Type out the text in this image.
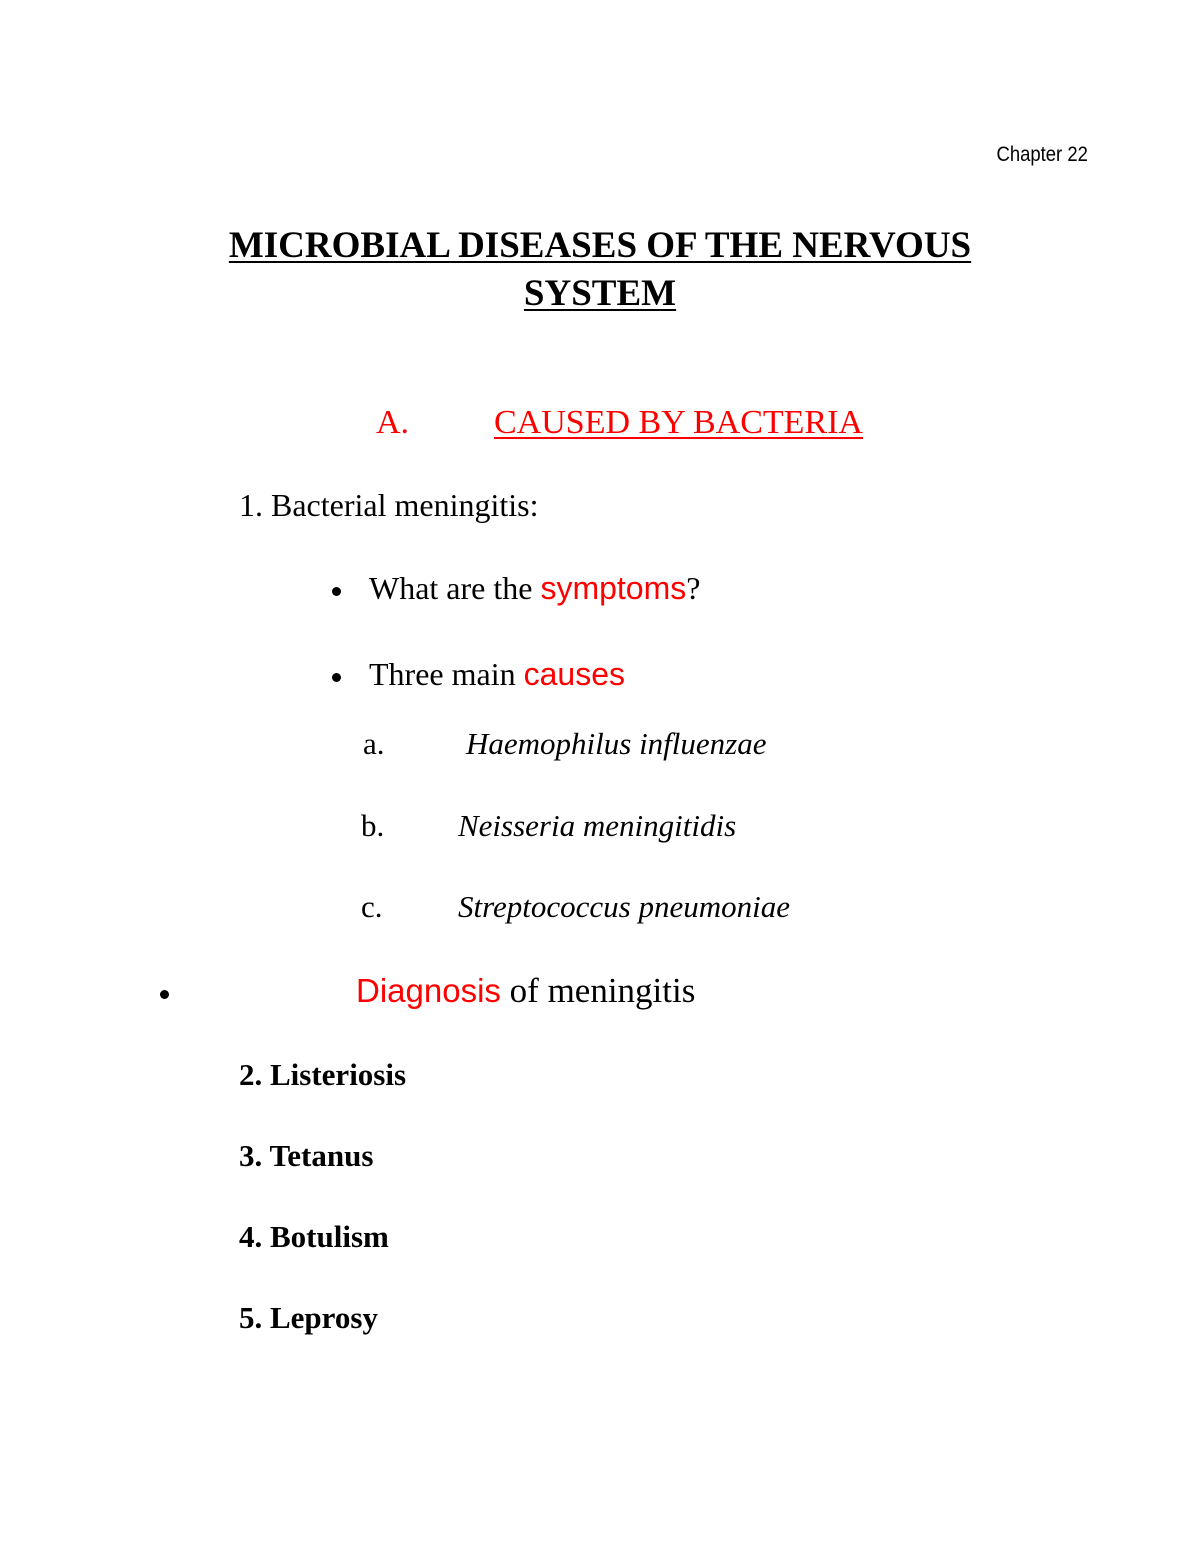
Chapter 22
MICROBIAL DISEASES OF THE NERVOUS
SYSTEM
A. CAUSED BY BACTERIA
1. Bacterial meningitis:
What are the symptoms?
Three main causes
a.	Haemophilus influenzae
b. Neisseria meningitidis
c. Streptococcus pneumoniae
Diagnosis of meningitis
2. Listeriosis
3. Tetanus
4. Botulism
5. Leprosy
